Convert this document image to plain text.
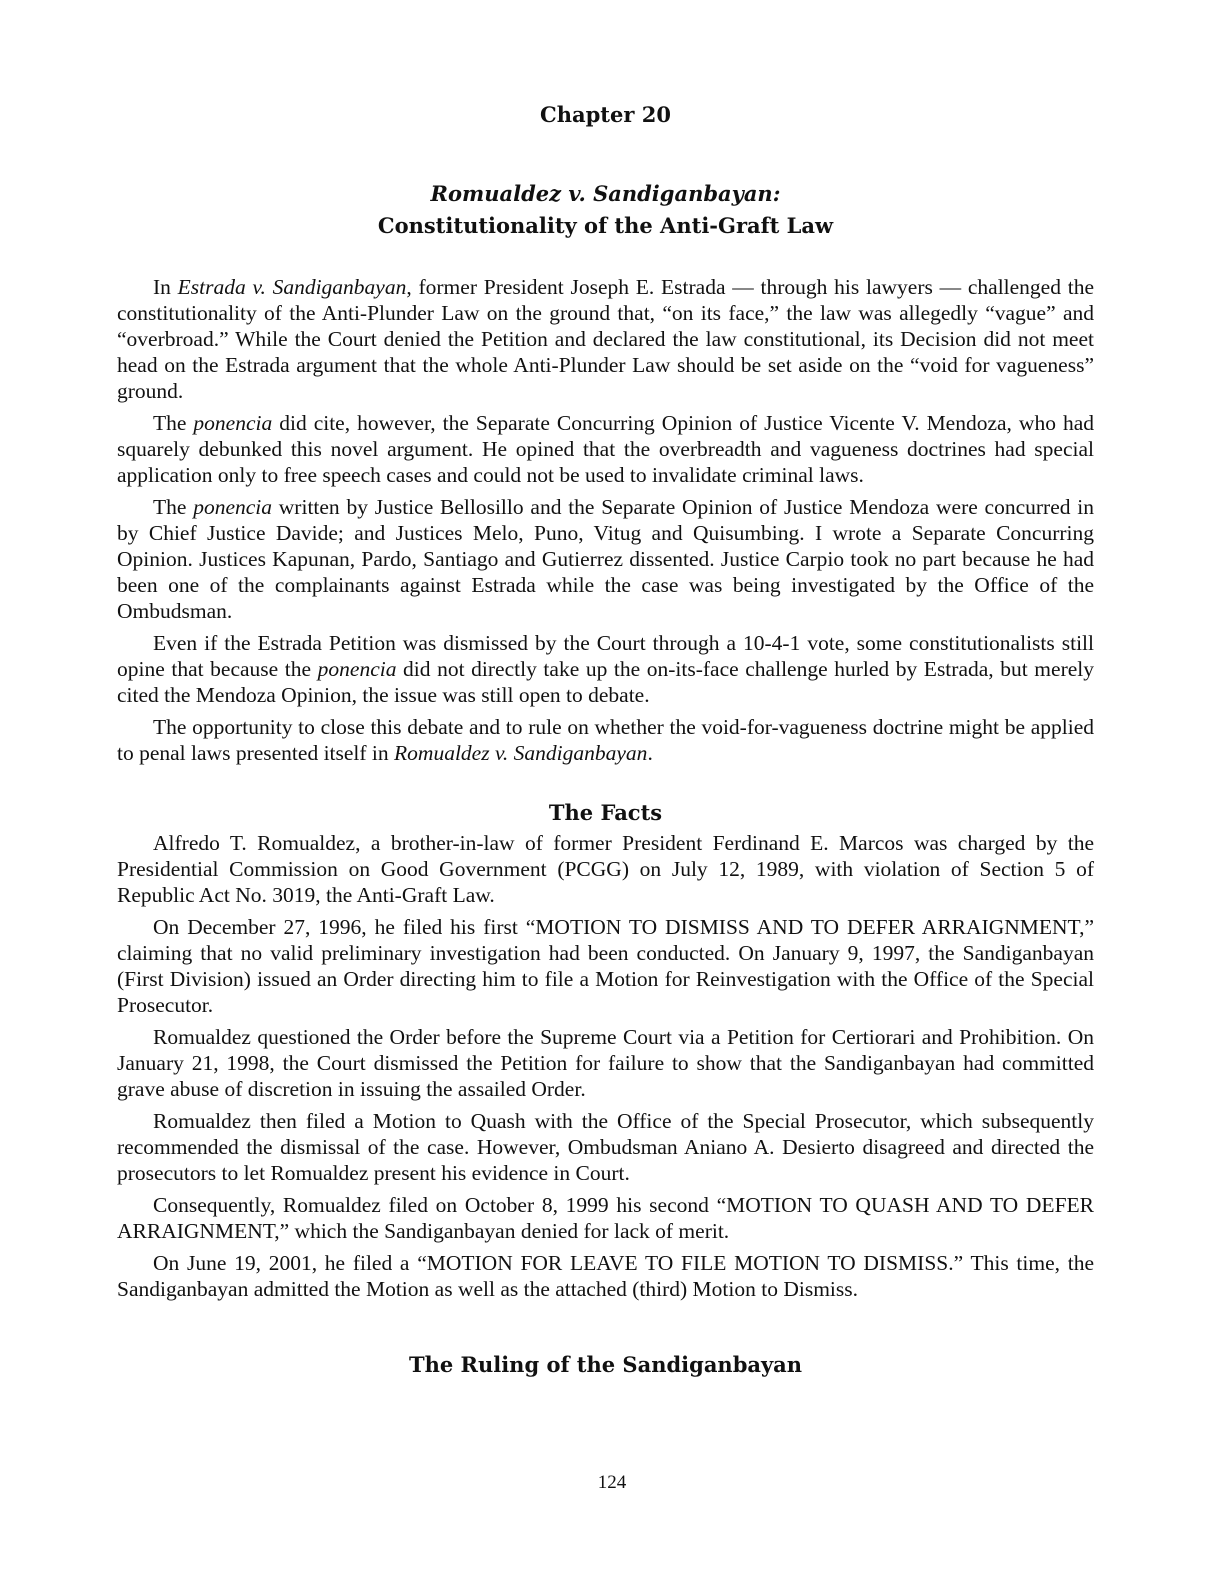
Chapter 20

Romualdez v. Sandiganbayan:

Constitutionality of the Anti-Graft Law

In Estrada v. Sandiganbayan, former President Joseph E. Estrada — through his lawyers — challenged the constitutionality of the Anti-Plunder Law on the ground that, “on its face,” the law was allegedly “vague” and “overbroad.” While the Court denied the Petition and declared the law constitutional, its Decision did not meet head on the Estrada argument that the whole Anti-Plunder Law should be set aside on the “void for vagueness” ground.

The ponencia did cite, however, the Separate Concurring Opinion of Justice Vicente V. Mendoza, who had squarely debunked this novel argument. He opined that the overbreadth and vagueness doctrines had special application only to free speech cases and could not be used to invalidate criminal laws.

The ponencia written by Justice Bellosillo and the Separate Opinion of Justice Mendoza were concurred in by Chief Justice Davide; and Justices Melo, Puno, Vitug and Quisumbing. I wrote a Separate Concurring Opinion. Justices Kapunan, Pardo, Santiago and Gutierrez dissented. Justice Carpio took no part because he had been one of the complainants against Estrada while the case was being investigated by the Office of the Ombudsman.

Even if the Estrada Petition was dismissed by the Court through a 10-4-1 vote, some constitutionalists still opine that because the ponencia did not directly take up the on-its-face challenge hurled by Estrada, but merely cited the Mendoza Opinion, the issue was still open to debate.

The opportunity to close this debate and to rule on whether the void-for-vagueness doctrine might be applied to penal laws presented itself in Romualdez v. Sandiganbayan.

The Facts

Alfredo T. Romualdez, a brother-in-law of former President Ferdinand E. Marcos was charged by the Presidential Commission on Good Government (PCGG) on July 12, 1989, with violation of Section 5 of Republic Act No. 3019, the Anti-Graft Law.

On December 27, 1996, he filed his first “MOTION TO DISMISS AND TO DEFER ARRAIGNMENT,” claiming that no valid preliminary investigation had been conducted. On January 9, 1997, the Sandiganbayan (First Division) issued an Order directing him to file a Motion for Reinvestigation with the Office of the Special Prosecutor.

Romualdez questioned the Order before the Supreme Court via a Petition for Certiorari and Prohibition. On January 21, 1998, the Court dismissed the Petition for failure to show that the Sandiganbayan had committed grave abuse of discretion in issuing the assailed Order.

Romualdez then filed a Motion to Quash with the Office of the Special Prosecutor, which subsequently recommended the dismissal of the case. However, Ombudsman Aniano A. Desierto disagreed and directed the prosecutors to let Romualdez present his evidence in Court.

Consequently, Romualdez filed on October 8, 1999 his second “MOTION TO QUASH AND TO DEFER ARRAIGNMENT,” which the Sandiganbayan denied for lack of merit.

On June 19, 2001, he filed a “MOTION FOR LEAVE TO FILE MOTION TO DISMISS.” This time, the Sandiganbayan admitted the Motion as well as the attached (third) Motion to Dismiss.

The Ruling of the Sandiganbayan
124
